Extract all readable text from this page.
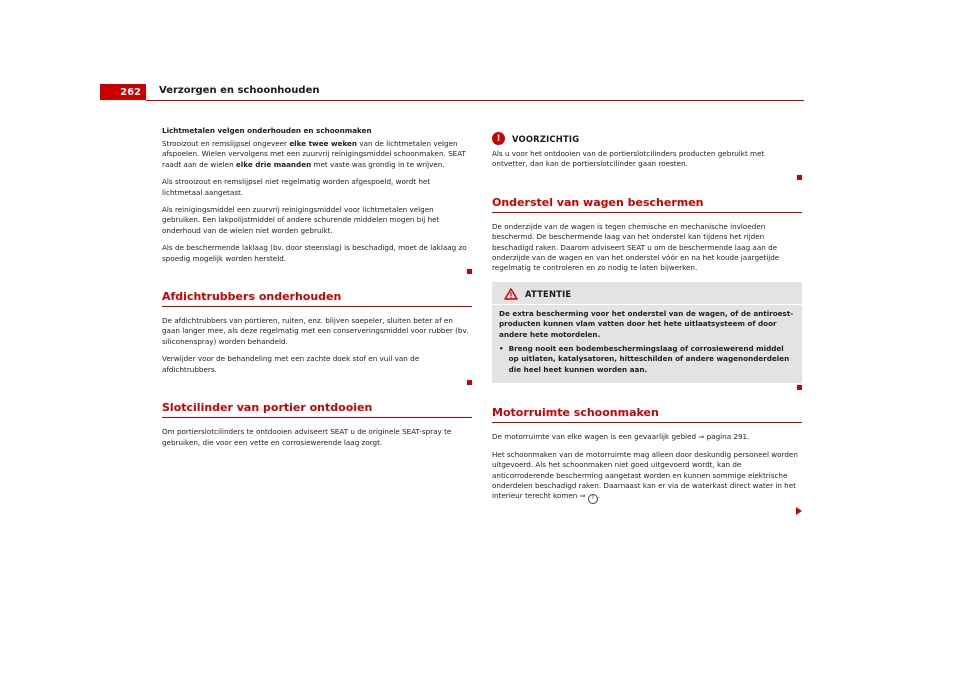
262	Verzorgen en schoonhouden
Lichtmetalen velgen onderhouden en schoonmaken

Strooizout en remslijpsel ongeveer elke twee weken van de lichtmetalen velgen afspoelen. Wielen vervolgens met een zuurvrij reinigingsmiddel schoonmaken. SEAT raadt aan de wielen elke drie maanden met vaste was grondig in te wrijven.

Als strooizout en remslijpsel niet regelmatig worden afgespoeld, wordt het lichtmetaal aangetast.

Als reinigingsmiddel een zuurvrij reinigingsmiddel voor lichtmetalen velgen gebruiken. Een lakpolijstmiddel of andere schurende middelen mogen bij het onderhoud van de wielen niet worden gebruikt.

Als de beschermende laklaag (bv. door steenslag) is beschadigd, moet de laklaag zo spoedig mogelijk worden hersteld.

Afdichtrubbers onderhouden

De afdichtrubbers van portieren, ruiten, enz. blijven soepeler, sluiten beter af en gaan langer mee, als deze regelmatig met een conserveringsmiddel voor rubber (bv. siliconenspray) worden behandeld.

Verwijder voor de behandeling met een zachte doek stof en vuil van de afdichtrubbers.

Slotcilinder van portier ontdooien

Om portierslotcilinders te ontdooien adviseert SEAT u de originele SEAT-spray te gebruiken, die voor een vette en corrosiewerende laag zorgt.

!	VOORZICHTIG

Als u voor het ontdooien van de portierslotcilinders producten gebruikt met ontvetter, dan kan de portierslotcilinder gaan roesten.

Onderstel van wagen beschermen

De onderzijde van de wagen is tegen chemische en mechanische invloeden beschermd. De beschermende laag van het onderstel kan tijdens het rijden beschadigd raken. Daarom adviseert SEAT u om de beschermende laag aan de onderzijde van de wagen en van het onderstel vóór en na het koude jaargetijde regelmatig te controleren en zo nodig te laten bijwerken.

ATTENTIE

De extra bescherming voor het onderstel van de wagen, of de antiroest-producten kunnen vlam vatten door het hete uitlaatsysteem of door andere hete motordelen.

• Breng nooit een bodembeschermingslaag of corrosiewerend middel op uitlaten, katalysatoren, hitteschilden of andere wagenonderdelen die heel heet kunnen worden aan.

Motorruimte schoonmaken

De motorruimte van elke wagen is een gevaarlijk gebied ⇒ pagina 291.

Het schoonmaken van de motorruimte mag alleen door deskundig personeel worden uitgevoerd. Als het schoonmaken niet goed uitgevoerd wordt, kan de anticorroderende bescherming aangetast worden en kunnen sommige elektrische onderdelen beschadigd raken. Daarnaast kan er via de waterkast direct water in het interieur terecht komen ⇒ ! .
